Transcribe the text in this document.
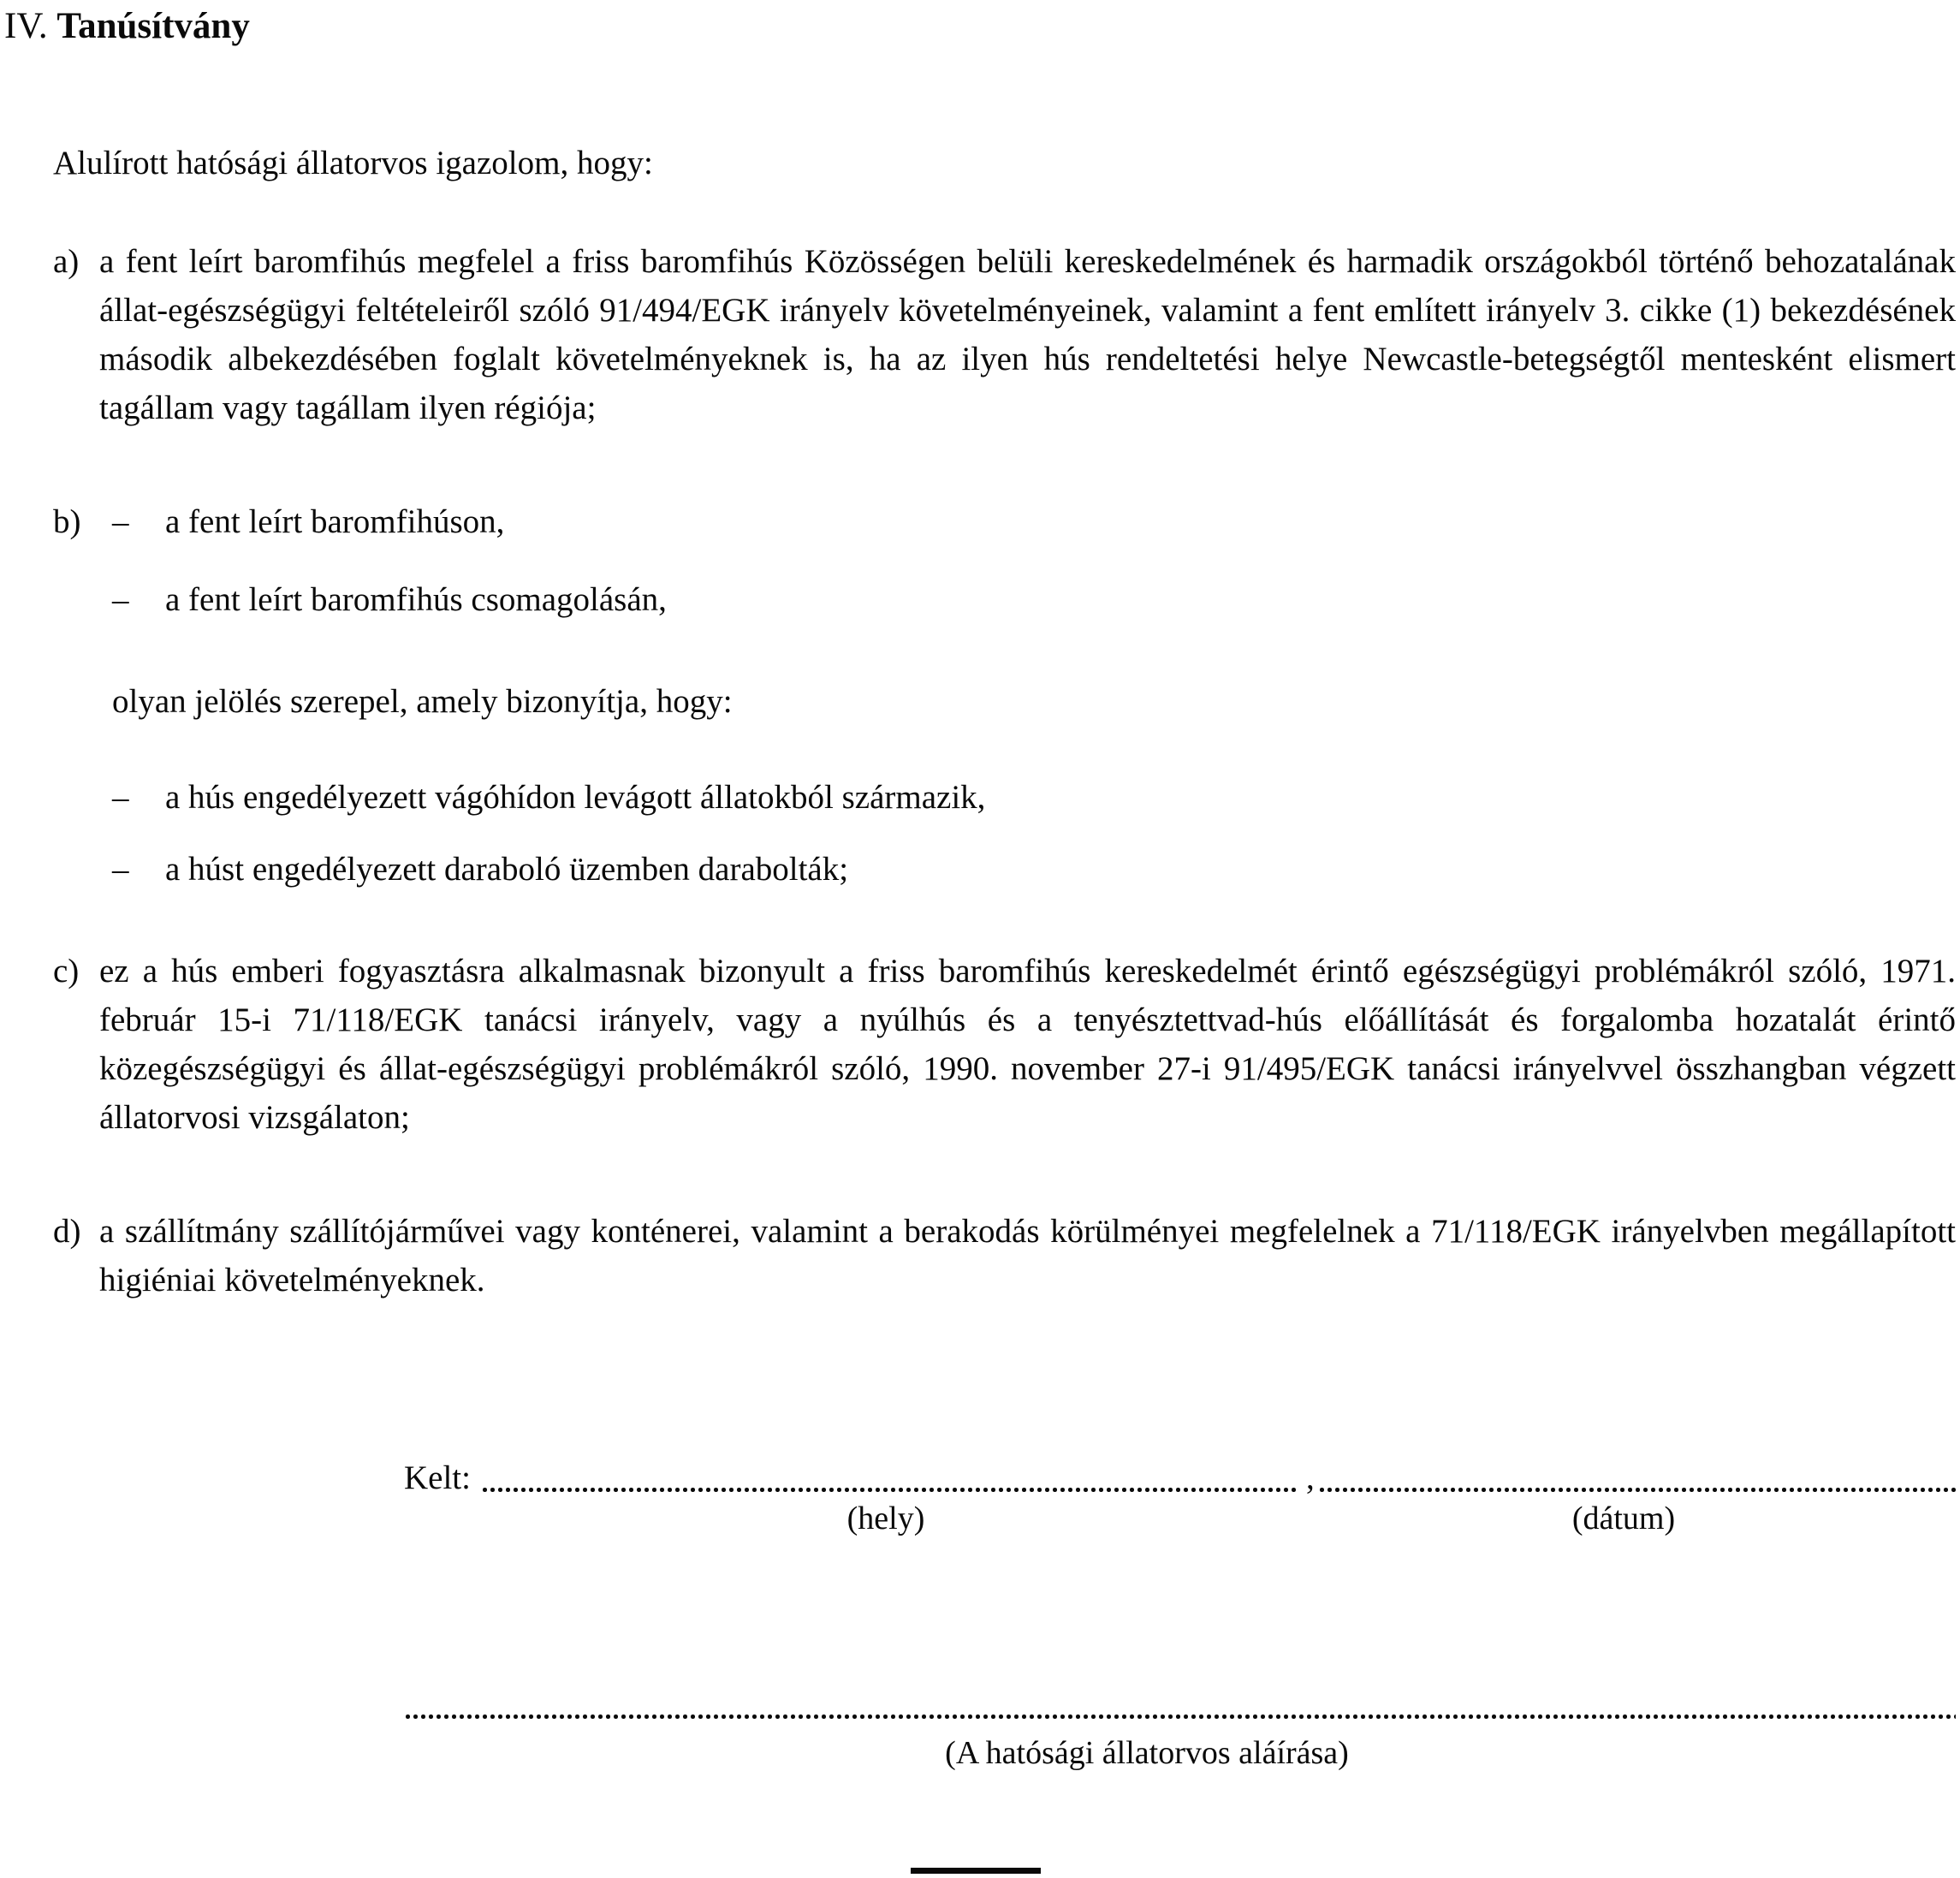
IV. Tanúsítvány

Alulírott hatósági állatorvos igazolom, hogy:

a) a fent leírt baromfihús megfelel a friss baromfihús Közösségen belüli kereskedelmének és harmadik országokból történő behozatalának állat-egészségügyi feltételeiről szóló 91/494/EGK irányelv követelményeinek, valamint a fent említett irányelv 3. cikke (1) bekezdésének második albekezdésében foglalt követelményeknek is, ha az ilyen hús rendeltetési helye Newcastle-betegségtől mentesként elismert tagállam vagy tagállam ilyen régiója;
b) –	a fent leírt baromfihúson,
–	a fent leírt baromfihús csomagolásán,
olyan jelölés szerepel, amely bizonyítja, hogy:
–	a hús engedélyezett vágóhídon levágott állatokból származik,
–	a húst engedélyezett daraboló üzemben darabolták;
c) ez a hús emberi fogyasztásra alkalmasnak bizonyult a friss baromfihús kereskedelmét érintő egészségügyi problémákról szóló, 1971. február 15-i 71/118/EGK tanácsi irányelv, vagy a nyúlhús és a tenyésztettvad-hús előállítását és forgalomba hozatalát érintő közegészségügyi és állat-egészségügyi problémákról szóló, 1990. november 27-i 91/495/EGK tanácsi irányelvvel összhangban végzett állatorvosi vizsgálaton;
d) a szállítmány szállítójárművei vagy konténerei, valamint a berakodás körülményei megfelelnek a 71/118/EGK irányelvben megállapított higiéniai követelményeknek.
Kelt:	,
(hely)	(dátum)
(A hatósági állatorvos aláírása)
